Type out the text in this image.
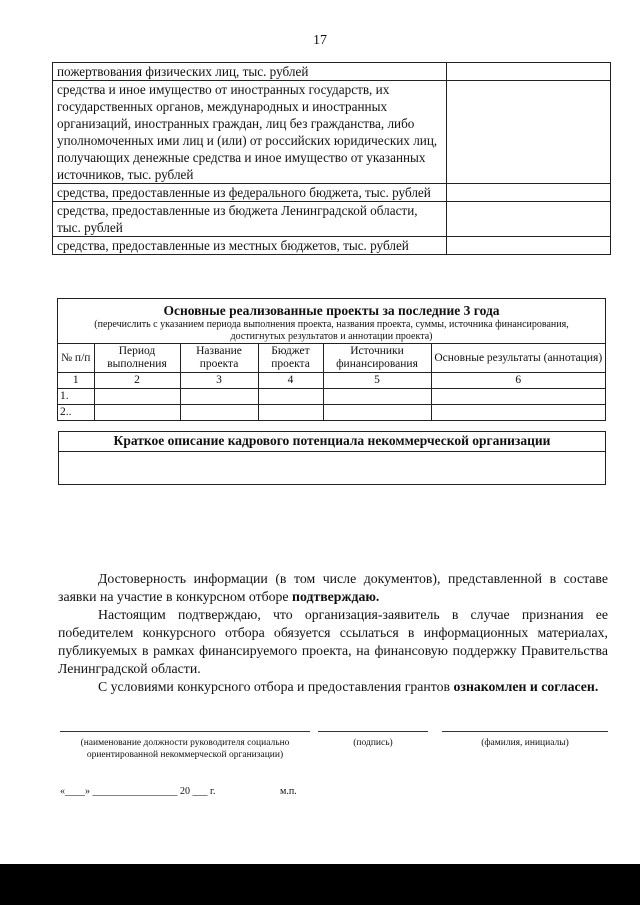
17
пожертвования физических лиц, тыс. рублей	
средства и иное имущество от иностранных государств, их государственных органов, международных и иностранных организаций, иностранных граждан, лиц без гражданства, либо уполномоченных ими лиц и (или) от российских юридических лиц, получающих денежные средства и иное имущество от указанных источников, тыс. рублей	
средства, предоставленные из федерального бюджета, тыс. рублей	
средства, предоставленные из бюджета Ленинградской области, тыс. рублей	
средства, предоставленные из местных бюджетов, тыс. рублей	
Основные реализованные проекты за последние 3 года
(перечислить с указанием периода выполнения проекта, названия проекта, суммы, источника финансирования, достигнутых результатов и аннотации проекта)
№ п/п	Период выполнения	Название проекта	Бюджет проекта	Источники финансирования	Основные результаты (аннотация)
1	2	3	4	5	6
1.					
2..					
Краткое описание кадрового потенциала некоммерческой организации
Достоверность информации (в том числе документов), представленной в составе заявки на участие в конкурсном отборе подтверждаю.
Настоящим подтверждаю, что организация-заявитель в случае признания ее победителем конкурсного отбора обязуется ссылаться в информационных материалах, публикуемых в рамках финансируемого проекта, на финансовую поддержку Правительства Ленинградской области.
С условиями конкурсного отбора и предоставления грантов ознакомлен и согласен.
(наименование должности руководителя социально ориентированной некоммерческой организации)
(подпись)	(фамилия, инициалы)
«____» _________________ 20 ___ г.	м.п.
